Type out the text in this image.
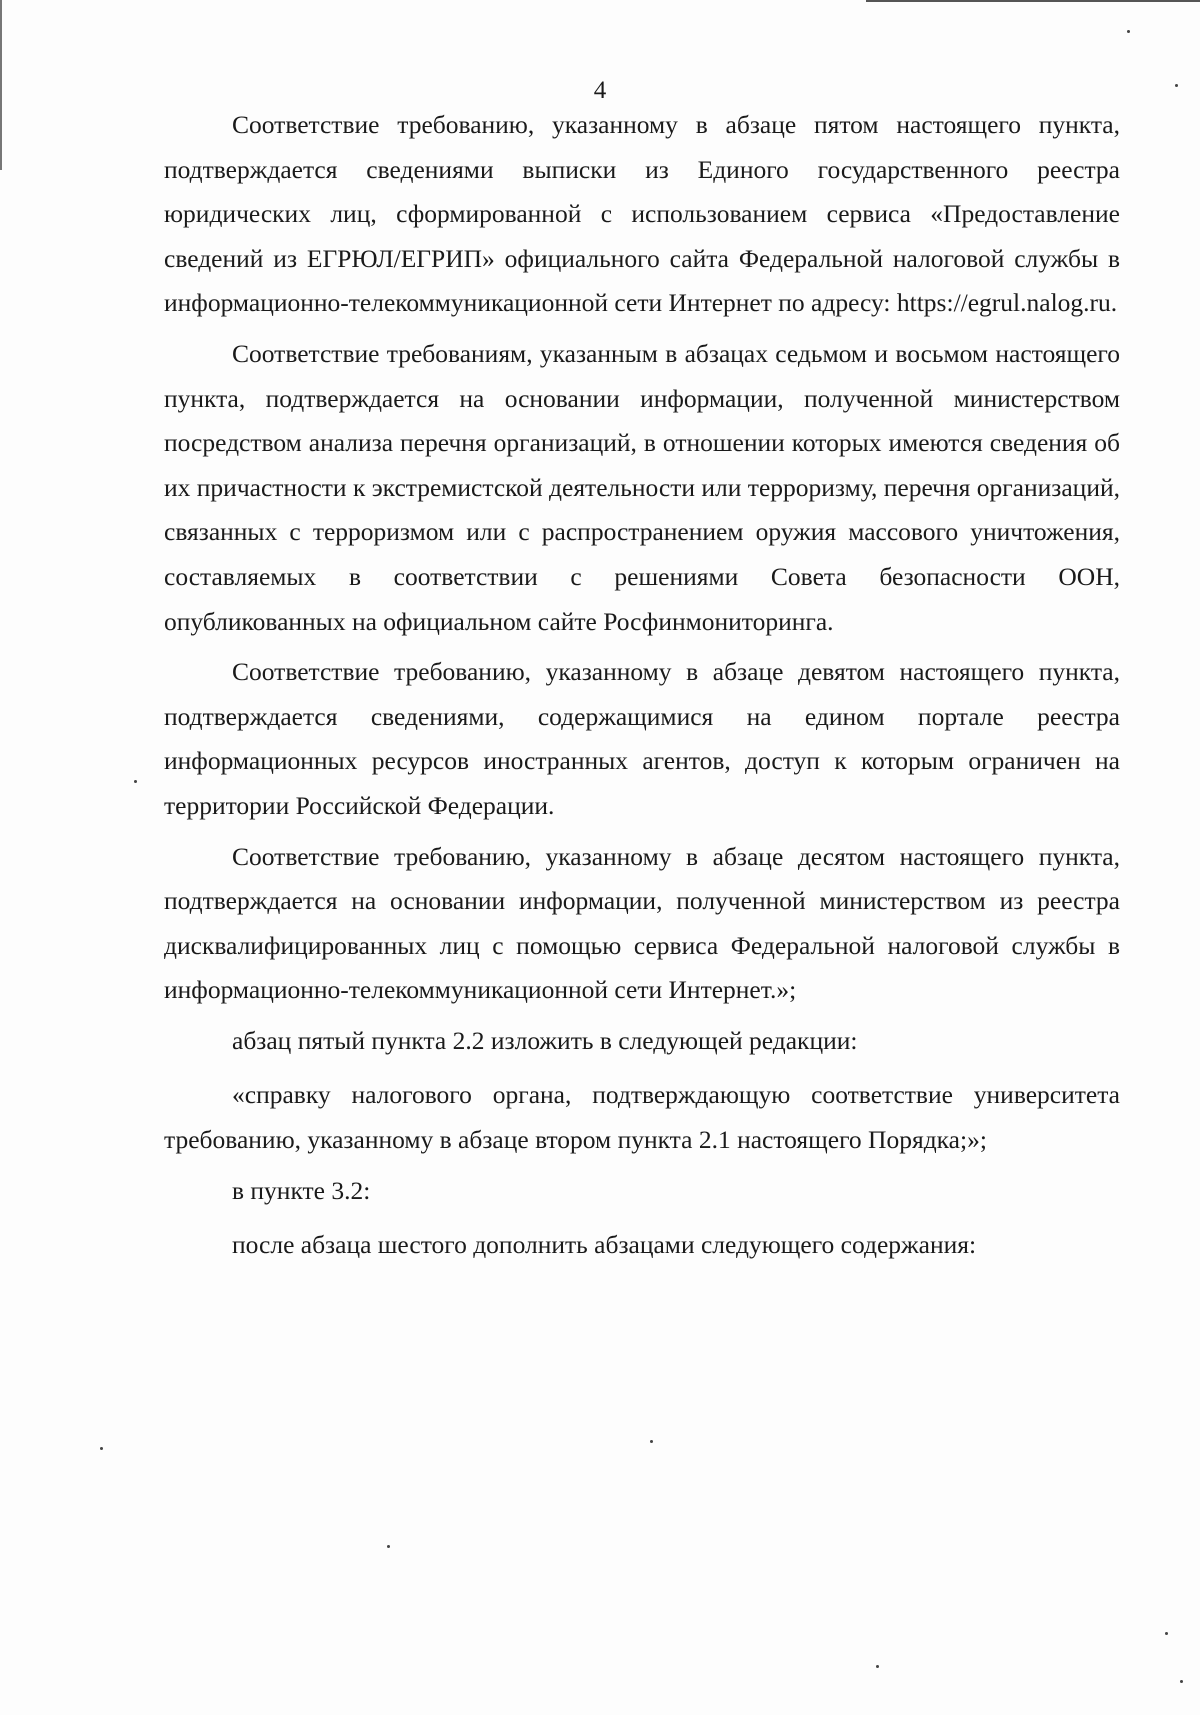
4

Соответствие требованию, указанному в абзаце пятом настоящего пункта, подтверждается сведениями выписки из Единого государственного реестра юридических лиц, сформированной с использованием сервиса «Предоставление сведений из ЕГРЮЛ/ЕГРИП» официального сайта Федеральной налоговой службы в информационно-телекоммуникационной сети Интернет по адресу: https://egrul.nalog.ru.

Соответствие требованиям, указанным в абзацах седьмом и восьмом настоящего пункта, подтверждается на основании информации, полученной министерством посредством анализа перечня организаций, в отношении которых имеются сведения об их причастности к экстремистской деятельности или терроризму, перечня организаций, связанных с терроризмом или с распространением оружия массового уничтожения, составляемых в соответствии с решениями Совета безопасности ООН, опубликованных на официальном сайте Росфинмониторинга.

Соответствие требованию, указанному в абзаце девятом настоящего пункта, подтверждается сведениями, содержащимися на едином портале реестра информационных ресурсов иностранных агентов, доступ к которым ограничен на территории Российской Федерации.

Соответствие требованию, указанному в абзаце десятом настоящего пункта, подтверждается на основании информации, полученной министерством из реестра дисквалифицированных лиц с помощью сервиса Федеральной налоговой службы в информационно-телекоммуникационной сети Интернет.»;

абзац пятый пункта 2.2 изложить в следующей редакции:

«справку налогового органа, подтверждающую соответствие университета требованию, указанному в абзаце втором пункта 2.1 настоящего Порядка;»;

в пункте 3.2:

после абзаца шестого дополнить абзацами следующего содержания:
